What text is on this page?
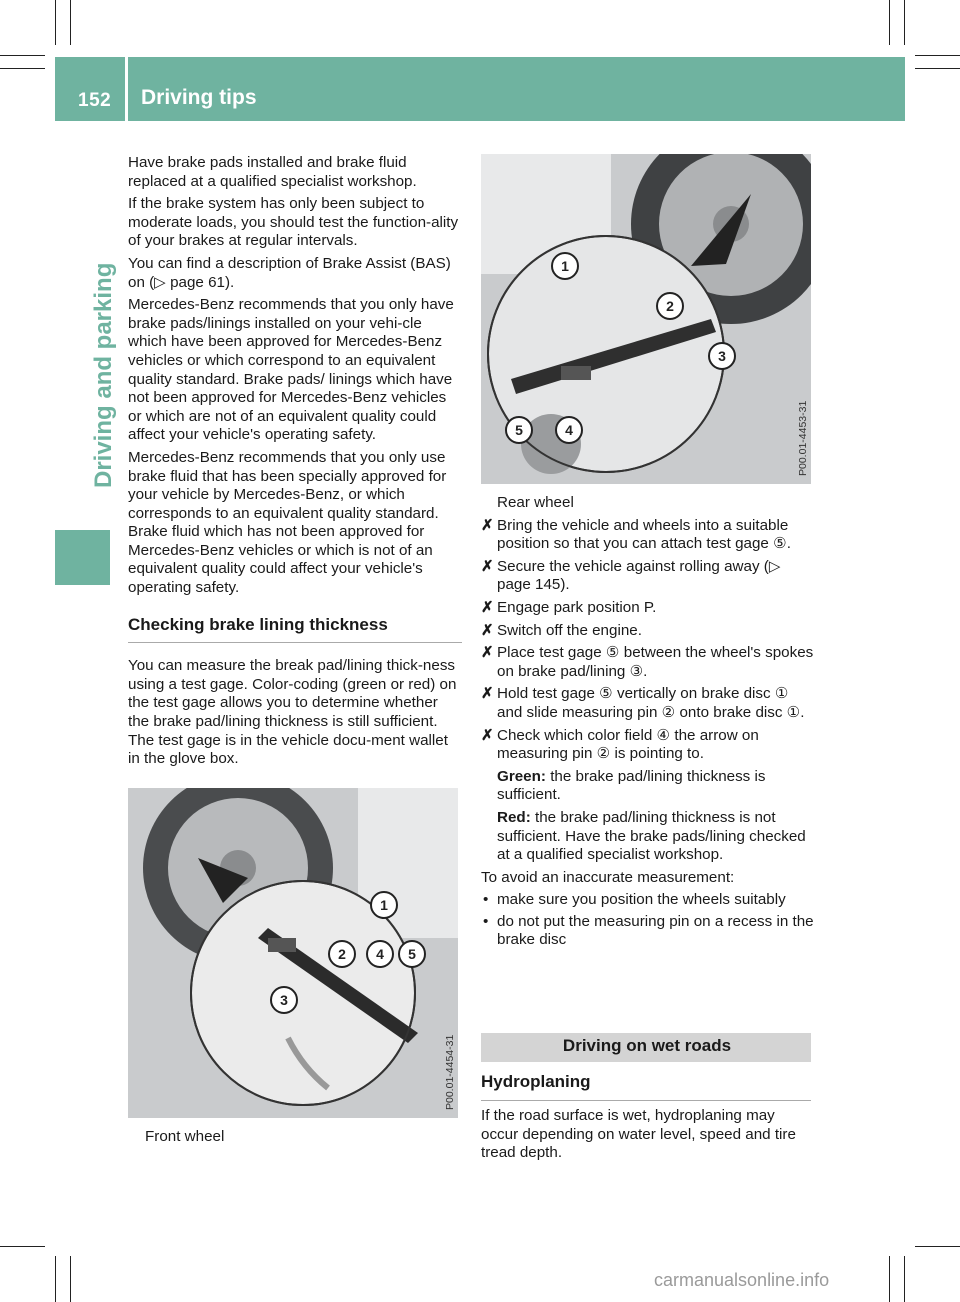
152 Driving tips
Driving and parking

Have brake pads installed and brake fluid replaced at a qualified specialist workshop.

If the brake system has only been subject to moderate loads, you should test the function-ality of your brakes at regular intervals.

You can find a description of Brake Assist (BAS) on (▷ page 61).

Mercedes-Benz recommends that you only have brake pads/linings installed on your vehi-cle which have been approved for Mercedes-Benz vehicles or which correspond to an equivalent quality standard. Brake pads/ linings which have not been approved for Mercedes-Benz vehicles or which are not of an equivalent quality could affect your vehicle's operating safety.

Mercedes-Benz recommends that you only use brake fluid that has been specially approved for your vehicle by Mercedes-Benz, or which corresponds to an equivalent quality standard. Brake fluid which has not been approved for Mercedes-Benz vehicles or which is not of an equivalent quality could affect your vehicle's operating safety.

Checking brake lining thickness

You can measure the break pad/lining thick-ness using a test gage. Color-coding (green or red) on the test gage allows you to determine whether the brake pad/lining thickness is still sufficient. The test gage is in the vehicle docu-ment wallet in the glove box.

1
2	4	5
3
P00.01-4454-31
Front wheel
1
2
3
5	4	P00.01-4453-31

Rear wheel

✗ Bring the vehicle and wheels into a suitable position so that you can attach test gage ⑤.
✗ Secure the vehicle against rolling away (▷ page 145).
✗ Engage park position P.
✗ Switch off the engine.
✗ Place test gage ⑤ between the wheel's spokes on brake pad/lining ③.
✗ Hold test gage ⑤ vertically on brake disc ① and slide measuring pin ② onto brake disc ①.
✗ Check which color field ④ the arrow on measuring pin ② is pointing to.

Green: the brake pad/lining thickness is sufficient.

Red: the brake pad/lining thickness is not sufficient. Have the brake pads/lining checked at a qualified specialist workshop.

To avoid an inaccurate measurement:

• make sure you position the wheels suitably
• do not put the measuring pin on a recess in the brake disc
Driving on wet roads
Hydroplaning
If the road surface is wet, hydroplaning may occur depending on water level, speed and tire tread depth.
carmanualsonline.info
